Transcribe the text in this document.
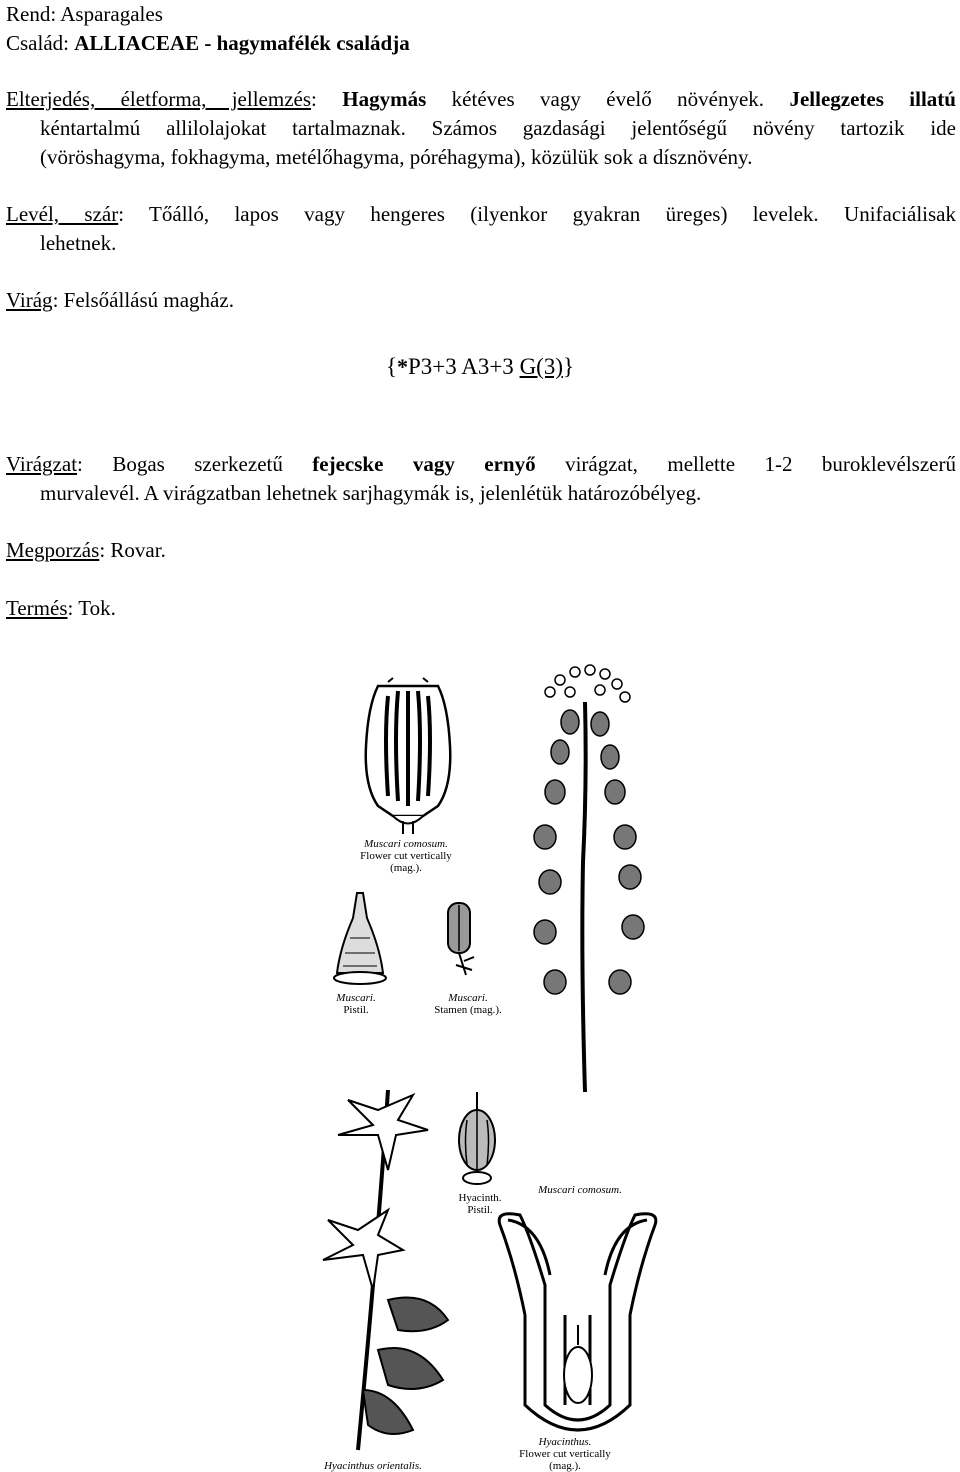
Rend: Asparagales
Család: ALLIACEAE - hagymafélék családja
Elterjedés, életforma, jellemzés: Hagymás kétéves vagy évelő növények. Jellegzetes illatú
kéntartalmú allilolajokat tartalmaznak. Számos gazdasági jelentőségű növény tartozik ide
(vöröshagyma, fokhagyma, metélőhagyma, póréhagyma), közülük sok a dísznövény.
Levél, szár: Tőálló, lapos vagy hengeres (ilyenkor gyakran üreges) levelek. Unifaciálisak
lehetnek.
Virág: Felsőállású magház.
{*P3+3 A3+3 G(3)}
Virágzat: Bogas szerkezetű fejecske vagy ernyő virágzat, mellette 1-2 buroklevélszerű
murvalevél. A virágzatban lehetnek sarjhagymák is, jelenlétük határozóbélyeg.
Megporzás: Rovar.
Termés: Tok.
Muscari comosum.
Flower cut vertically
(mag.).
Muscari.
Pistil.
Muscari.
Stamen (mag.).
Hyacinthus orientalis.
Hyacinth.
Pistil.
Muscari comosum.
Hyacinthus.
Flower cut vertically
(mag.).
